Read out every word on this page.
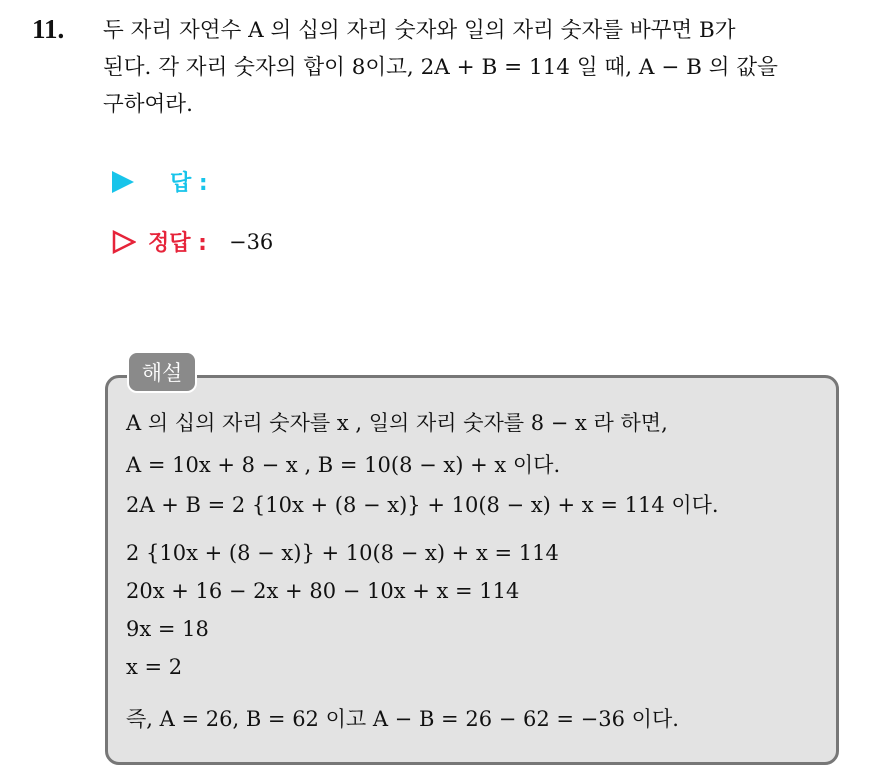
11. 두 자리 자연수 A 의 십의 자리 숫자와 일의 자리 숫자를 바꾸면 B가
된다. 각 자리 숫자의 합이 8이고, 2A + B = 114 일 때, A − B 의 값을
구하여라.
답 :
정답 : −36
해설
A 의 십의 자리 숫자를 x , 일의 자리 숫자를 8 − x 라 하면,
A = 10x + 8 − x , B = 10(8 − x) + x 이다.
2A + B = 2 {10x + (8 − x)} + 10(8 − x) + x = 114 이다.
2 {10x + (8 − x)} + 10(8 − x) + x = 114
20x + 16 − 2x + 80 − 10x + x = 114
9x = 18
x = 2
즉, A = 26, B = 62 이고 A − B = 26 − 62 = −36 이다.
